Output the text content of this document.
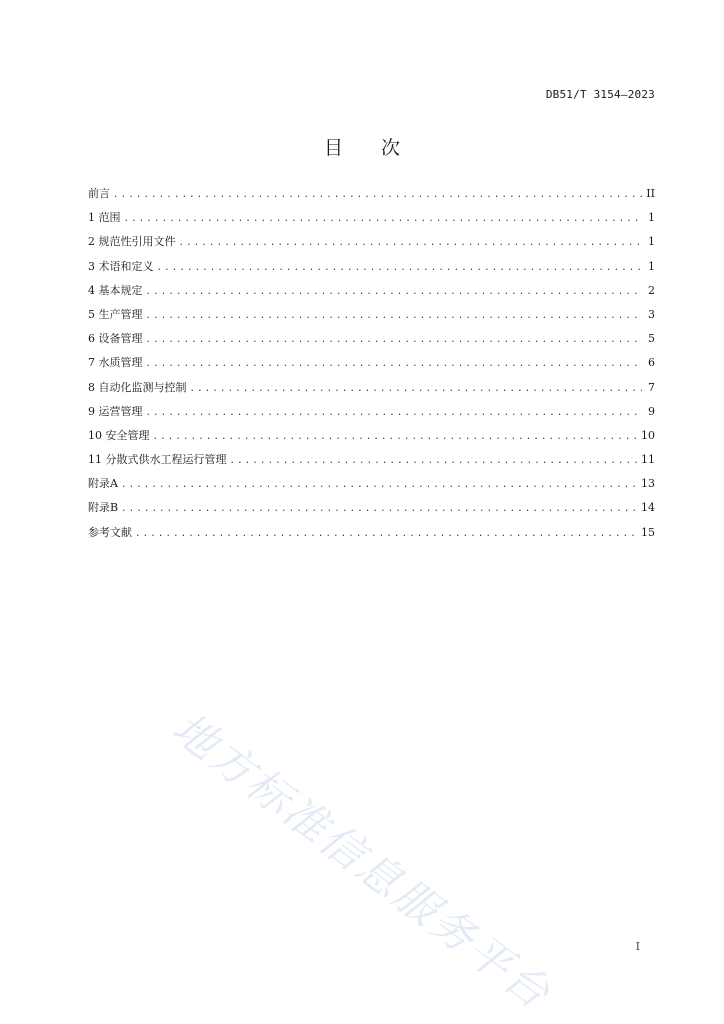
DB51/T 3154—2023
目 次
前言 .....	II
1 范围 .....	1
2 规范性引用文件 .....	1
3 术语和定义 .....	1
4 基本规定 .....	2
5 生产管理 .....	3
6 设备管理 .....	5
7 水质管理 .....	6
8 自动化监测与控制 .....	7
9 运营管理 .....	9
10 安全管理 .....	10
11 分散式供水工程运行管理 .....	11
附录A .....	13
附录B .....	14
参考文献 .....	15
地方标准信息服务平台	I
